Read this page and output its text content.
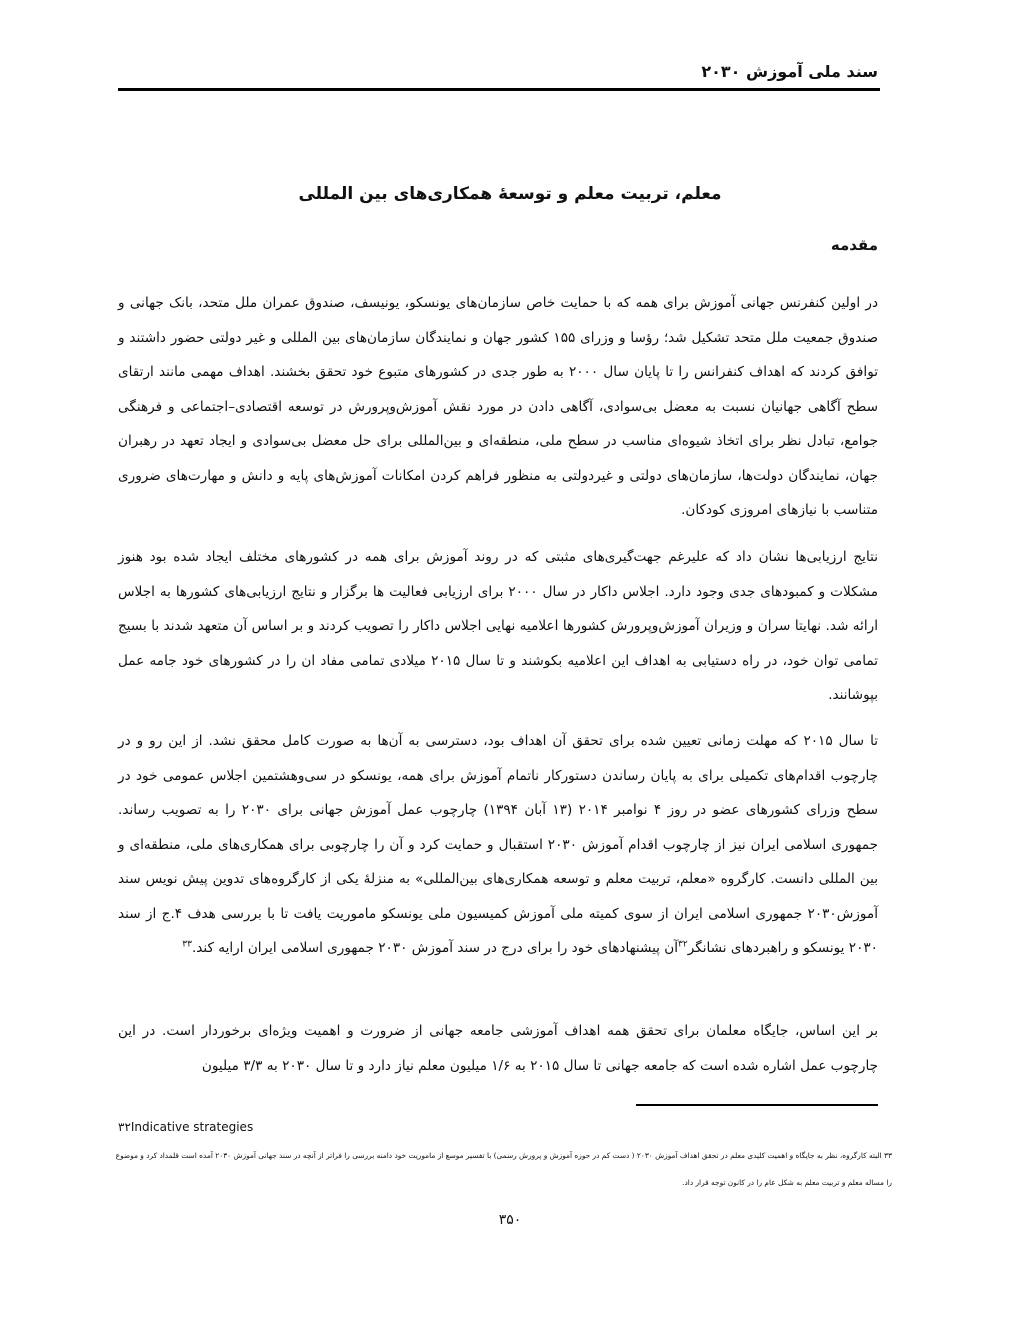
سند ملی آموزش ۲۰۳۰
معلم، تربیت معلم و توسعهٔ همکاری‌های بین المللی
مقدمه

در اولین کنفرنس جهانی آموزش برای همه که با حمایت خاص سازمان‌های یونسکو، یونیسف، صندوق عمران ملل متحد، بانک جهانی و صندوق جمعیت ملل متحد تشکیل شد؛ رؤسا و وزرای ۱۵۵ کشور جهان و نمایندگان سازمان‌های بین المللی و غیر دولتی حضور داشتند و توافق کردند که اهداف کنفرانس را تا پایان سال ۲۰۰۰ به طور جدی در کشورهای متبوع خود تحقق بخشند. اهداف مهمی مانند ارتقای سطح آگاهی جهانیان نسبت به معضل بی‌سوادی، آگاهی دادن در مورد نقش آموزش‌وپرورش در توسعه اقتصادی–اجتماعی و فرهنگی جوامع، تبادل نظر برای اتخاذ شیوه‌ای مناسب در سطح ملی، منطقه‌ای و بین‌المللی برای حل معضل بی‌سوادی و ایجاد تعهد در رهبران جهان، نمایندگان دولت‌ها، سازمان‌های دولتی و غیردولتی به منظور فراهم کردن امکانات آموزش‌های پایه و دانش و مهارت‌های ضروری متناسب با نیازهای امروزی کودکان.

نتایج ارزیابی‌ها نشان داد که علیرغم جهت‌گیری‌های مثبتی که در روند آموزش برای همه در کشورهای مختلف ایجاد شده بود هنوز مشکلات و کمبودهای جدی وجود دارد. اجلاس داکار در سال ۲۰۰۰ برای ارزیابی فعالیت ها برگزار و نتایج ارزیابی‌های کشورها به اجلاس ارائه شد. نهایتا سران و وزیران آموزش‌وپرورش کشورها اعلامیه نهایی اجلاس داکار را تصویب کردند و بر اساس آن متعهد شدند با بسیج تمامی توان خود، در راه دستیابی به اهداف این اعلامیه بکوشند و تا سال ۲۰۱۵ میلادی تمامی مفاد ان را در کشورهای خود جامه عمل بپوشانند.

تا سال ۲۰۱۵ که مهلت زمانی تعیین شده برای تحقق آن اهداف بود، دسترسی به آن‌ها به صورت کامل محقق نشد. از این رو و در چارچوب اقدام‌های تکمیلی برای به پایان رساندن دستورکار ناتمام آموزش برای همه، یونسکو در سی‌وهشتمین اجلاس عمومی خود در سطح وزرای کشورهای عضو در روز ۴ نوامبر ۲۰۱۴ (۱۳ آبان ۱۳۹۴) چارچوب عمل آموزش جهانی برای ۲۰۳۰ را به تصویب رساند. جمهوری اسلامی ایران نیز از چارچوب اقدام آموزش ۲۰۳۰ استقبال و حمایت کرد و آن را چارچوبی برای همکاری‌های ملی، منطقه‌ای و بین المللی دانست. کارگروه «معلم، تربیت معلم و توسعه همکاری‌های بین‌المللی» به منزلهٔ یکی از کارگروه‌های تدوین پیش نویس سند آموزش۲۰۳۰ جمهوری اسلامی ایران از سوی کمیته ملی آموزش کمیسیون ملی یونسکو ماموریت یافت تا با بررسی هدف ۴.ج از سند ۲۰۳۰ یونسکو و راهبردهای نشانگر$^{۳۲}$آن پیشنهادهای خود را برای درج در سند آموزش ۲۰۳۰ جمهوری اسلامی ایران ارایه کند.$^{۳۳}$

بر این اساس، جایگاه معلمان برای تحقق همه اهداف آموزشی جامعه جهانی از ضرورت و اهمیت ویژه‌ای برخوردار است. در این چارچوب عمل اشاره شده است که جامعه جهانی تا سال ۲۰۱۵ به ۱/۶ میلیون معلم نیاز دارد و تا سال ۲۰۳۰ به ۳/۳ میلیون

۳۲Indicative strategies
۳۳ البته کارگروه، نظر به جایگاه و اهمیت کلیدی معلم در تحقق اهداف آموزش ۲۰۳۰ ( دست کم در حوزه آموزش و پرورش رسمی) با تفسیر موسع از ماموریت خود دامنه بررسی را فراتر از آنچه در سند جهانی آموزش ۲۰۳۰ آمده است قلمداد کرد و موضوع را مساله معلم و تربیت معلم به شکل عام را در کانون توجه قرار داد.
۳۵۰
